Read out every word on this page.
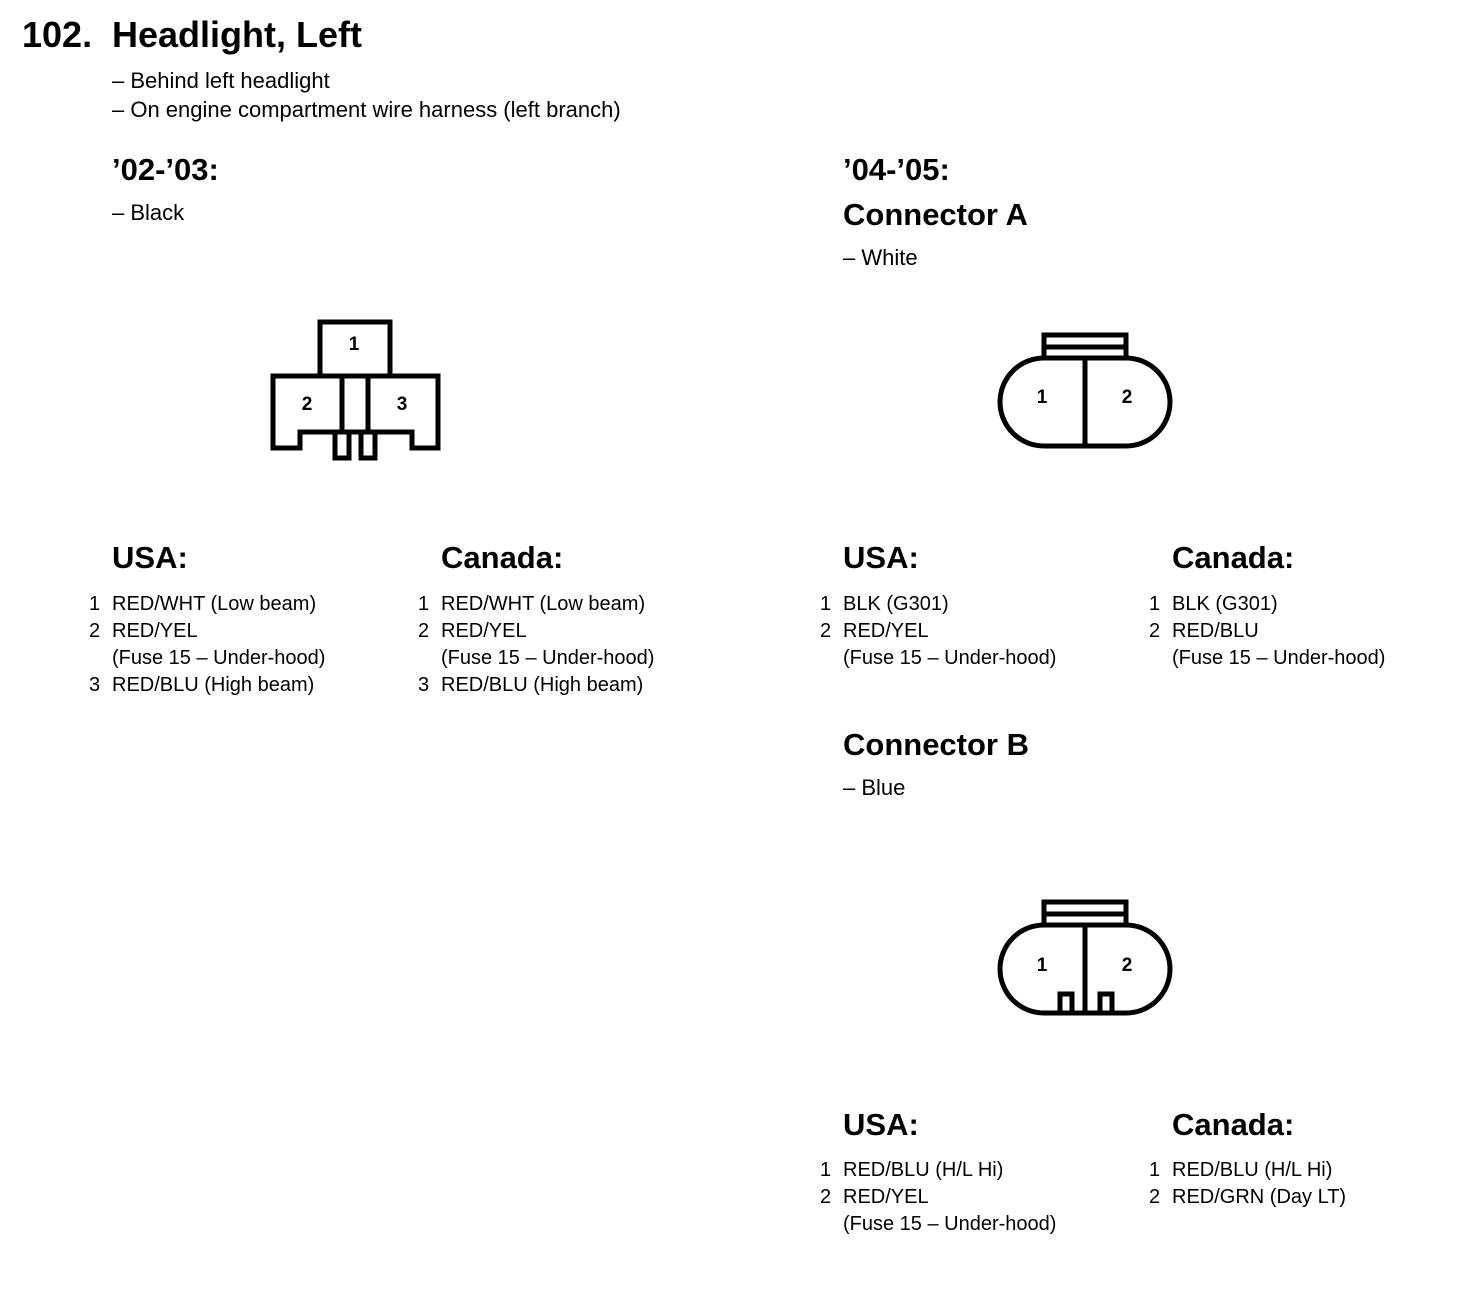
102. Headlight, Left
– Behind left headlight
– On engine compartment wire harness (left branch)
’02-’03:
– Black
1
2	3
USA:	Canada:
1 RED/WHT (Low beam)
2 RED/YEL
(Fuse 15 – Under-hood)
3 RED/BLU (High beam)
1 RED/WHT (Low beam)
2 RED/YEL
(Fuse 15 – Under-hood)
3 RED/BLU (High beam)
’04-’05:
Connector A
– White
1	2
USA:	Canada:
1 BLK (G301)
2 RED/YEL
(Fuse 15 – Under-hood)
1 BLK (G301)
2 RED/BLU
(Fuse 15 – Under-hood)
Connector B
– Blue
1	2
USA:	Canada:
1 RED/BLU (H/L Hi)
2 RED/YEL
(Fuse 15 – Under-hood)
1 RED/BLU (H/L Hi)
2 RED/GRN (Day LT)
